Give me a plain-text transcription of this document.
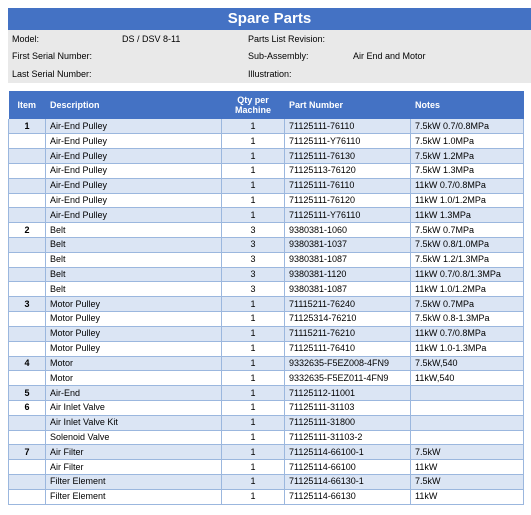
Spare Parts
Model:	DS / DSV 8-11
First Serial Number:
Last Serial Number:
Parts List Revision:
Sub-Assembly:	Air End and Motor
Illustration:
Item	Description	Qty per Machine	Part Number	Notes
1	Air-End Pulley	1	71125111-76110	7.5kW 0.7/0.8MPa
	Air-End Pulley	1	71125111-Y76110	7.5kW 1.0MPa
	Air-End Pulley	1	71125111-76130	7.5kW 1.2MPa
	Air-End Pulley	1	71125113-76120	7.5kW 1.3MPa
	Air-End Pulley	1	71125111-76110	11kW 0.7/0.8MPa
	Air-End Pulley	1	71125111-76120	11kW 1.0/1.2MPa
	Air-End Pulley	1	71125111-Y76110	11kW 1.3MPa
2	Belt	3	9380381-1060	7.5kW 0.7MPa
	Belt	3	9380381-1037	7.5kW 0.8/1.0MPa
	Belt	3	9380381-1087	7.5kW 1.2/1.3MPa
	Belt	3	9380381-1120	11kW 0.7/0.8/1.3MPa
	Belt	3	9380381-1087	11kW 1.0/1.2MPa
3	Motor Pulley	1	71115211-76240	7.5kW 0.7MPa
	Motor Pulley	1	71125314-76210	7.5kW 0.8-1.3MPa
	Motor Pulley	1	71115211-76210	11kW 0.7/0.8MPa
	Motor Pulley	1	71125111-76410	11kW 1.0-1.3MPa
4	Motor	1	9332635-F5EZ008-4FN9	7.5kW,540
	Motor	1	9332635-F5EZ011-4FN9	11kW,540
5	Air-End	1	71125112-11001	
6	Air Inlet Valve	1	71125111-31103	
	Air Inlet Valve Kit	1	71125111-31800	
	Solenoid Valve	1	71125111-31103-2	
7	Air Filter	1	71125114-66100-1	7.5kW
	Air Filter	1	71125114-66100	11kW
	Filter Element	1	71125114-66130-1	7.5kW
	Filter Element	1	71125114-66130	11kW
